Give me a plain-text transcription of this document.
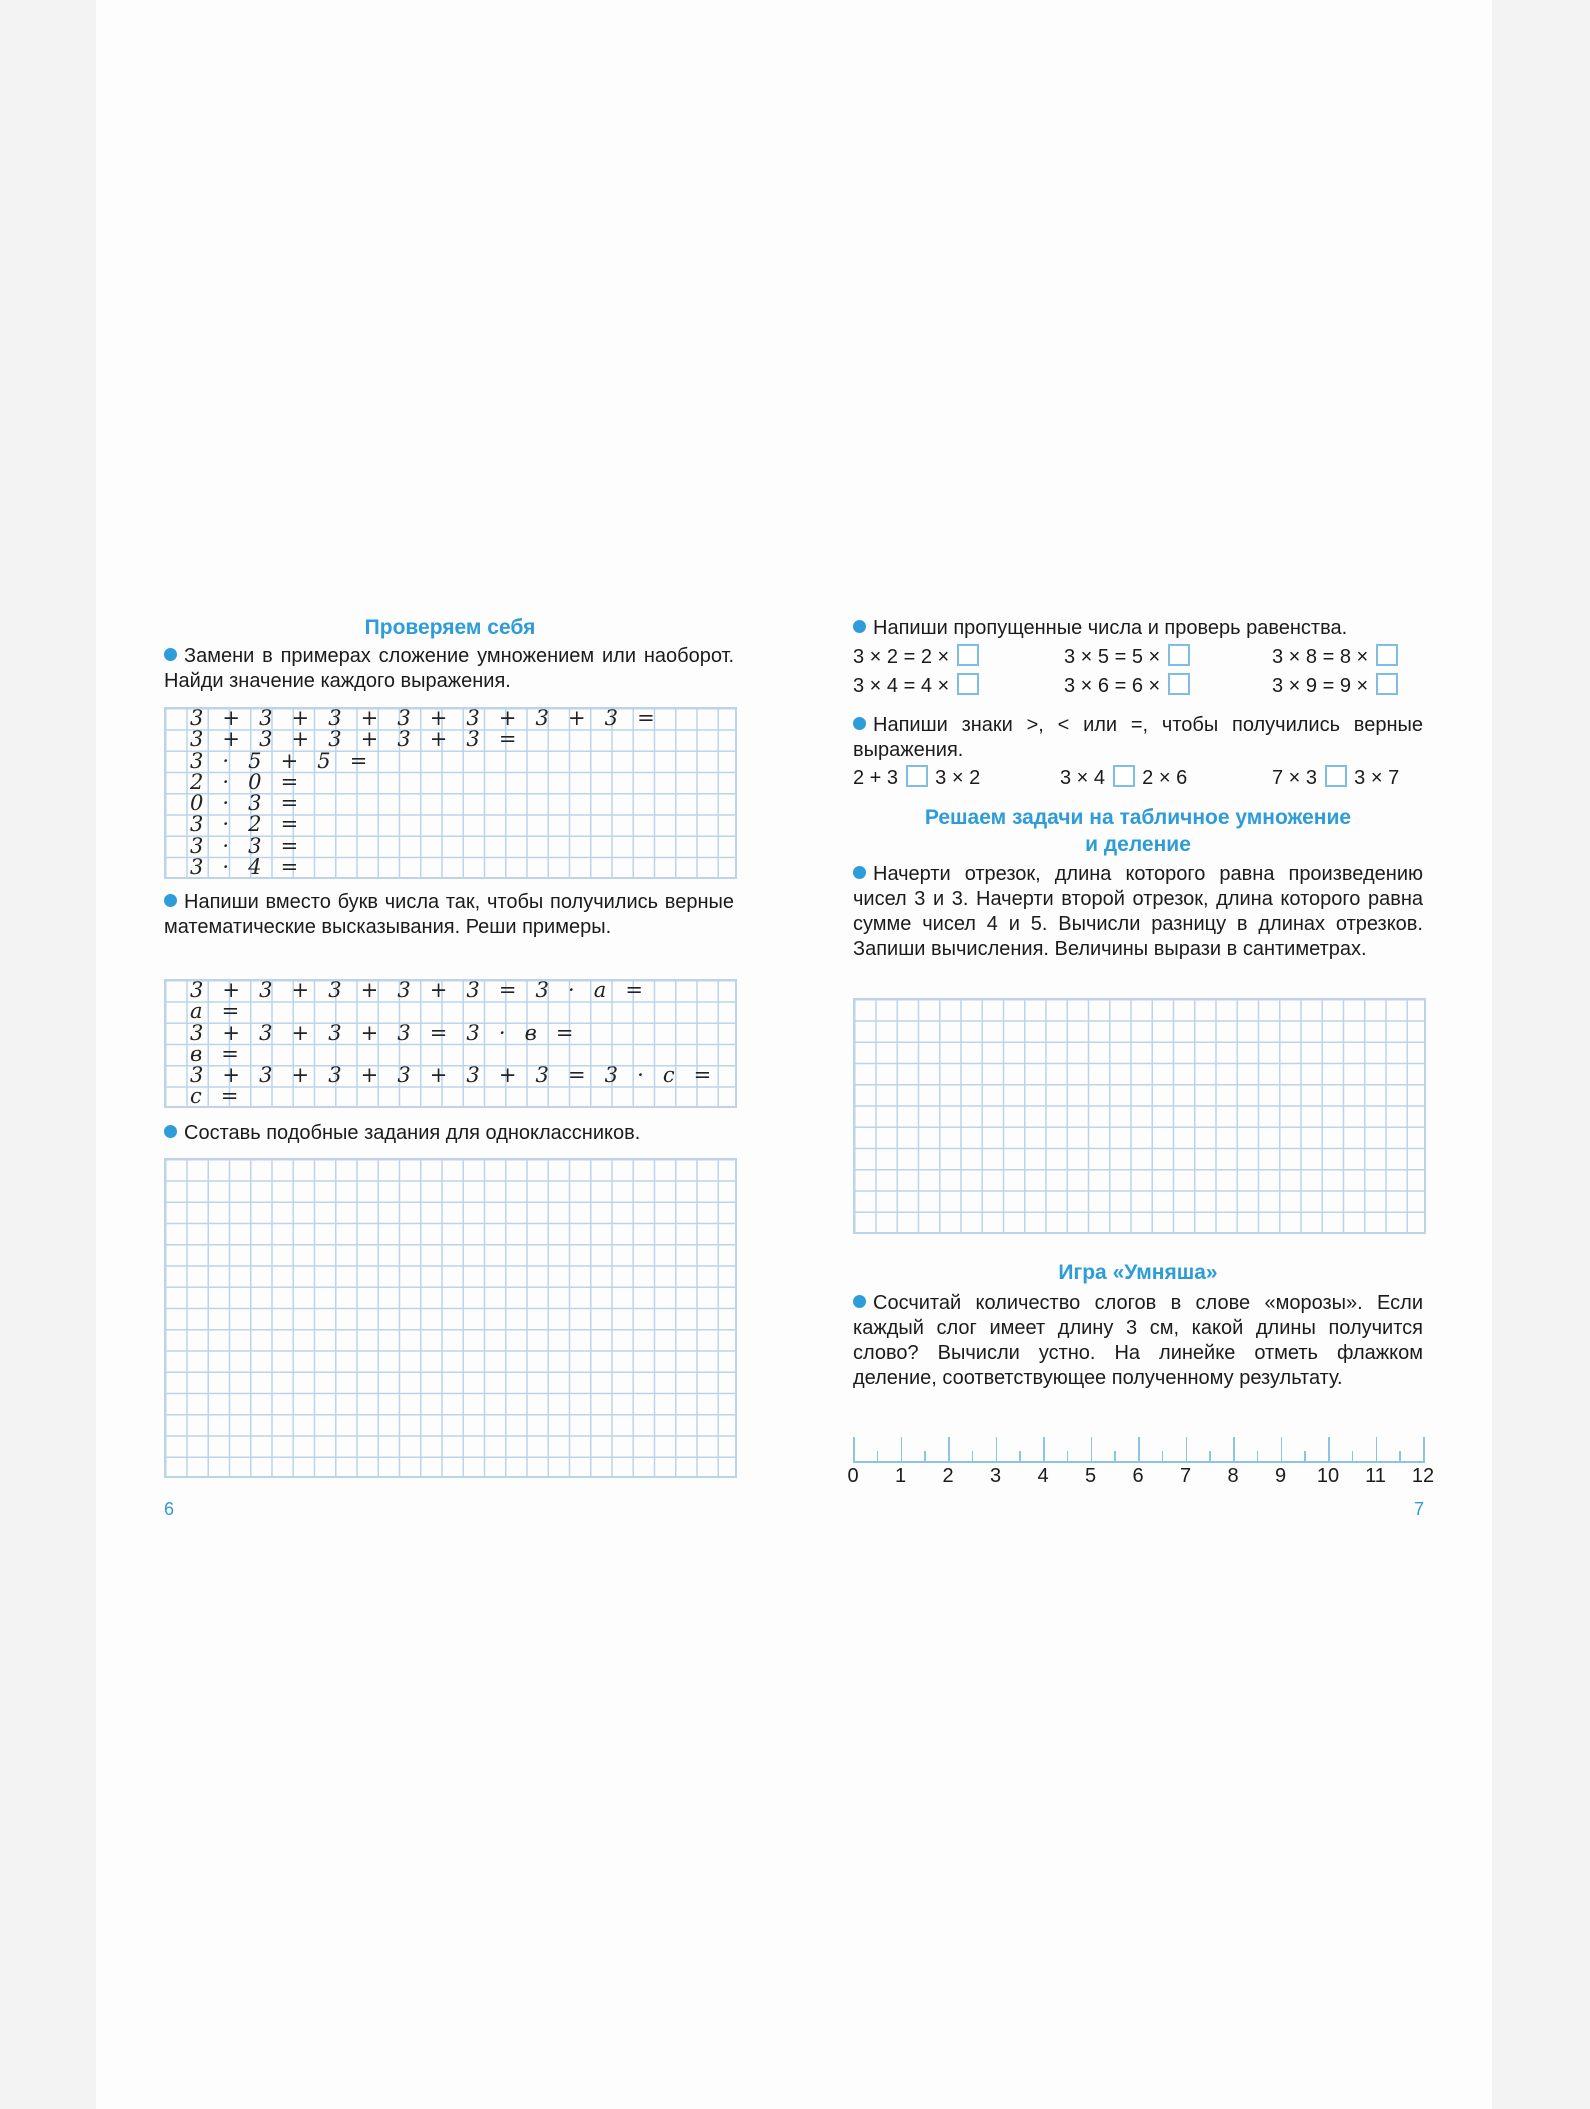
Проверяем себя
Замени в примерах сложение умножением или наоборот. Найди значение каждого выражения.
3 + 3 + 3 + 3 + 3 + 3 + 3 =
3 + 3 + 3 + 3 + 3 =
3 · 5 + 5 =
2 · 0 =
0 · 3 =
3 · 2 =
3 · 3 =
3 · 4 =
Напиши вместо букв числа так, чтобы получились верные математические высказывания. Реши примеры.
3 + 3 + 3 + 3 + 3 = 3 · a =
a =
3 + 3 + 3 + 3 = 3 · в =
в =
3 + 3 + 3 + 3 + 3 + 3 = 3 · c =
c =
Составь подобные задания для одноклассников.
6
Напиши пропущенные числа и проверь равенства.
3 × 2 = 2 ×	3 × 5 = 5 ×	3 × 8 = 8 ×
3 × 4 = 4 ×	3 × 6 = 6 ×	3 × 9 = 9 ×
Напиши знаки >, < или =, чтобы получились верные выражения.
2 + 3 3 × 2	3 × 4 2 × 6	7 × 3 3 × 7
Решаем задачи на табличное умножение
и деление
Начерти отрезок, длина которого равна произведению чисел 3 и 3. Начерти второй отрезок, длина которого равна сумме чисел 4 и 5. Вычисли разницу в длинах отрезков. Запиши вычисления. Величины вырази в сантиметрах.
Игра «Умняша»
Сосчитай количество слогов в слове «морозы». Если каждый слог имеет длину 3 см, какой длины получится слово? Вычисли устно. На линейке отметь флажком деление, соответствующее полученному результату.
0	1	2	3	4	5	6	7	8	9	10 11 12
7
